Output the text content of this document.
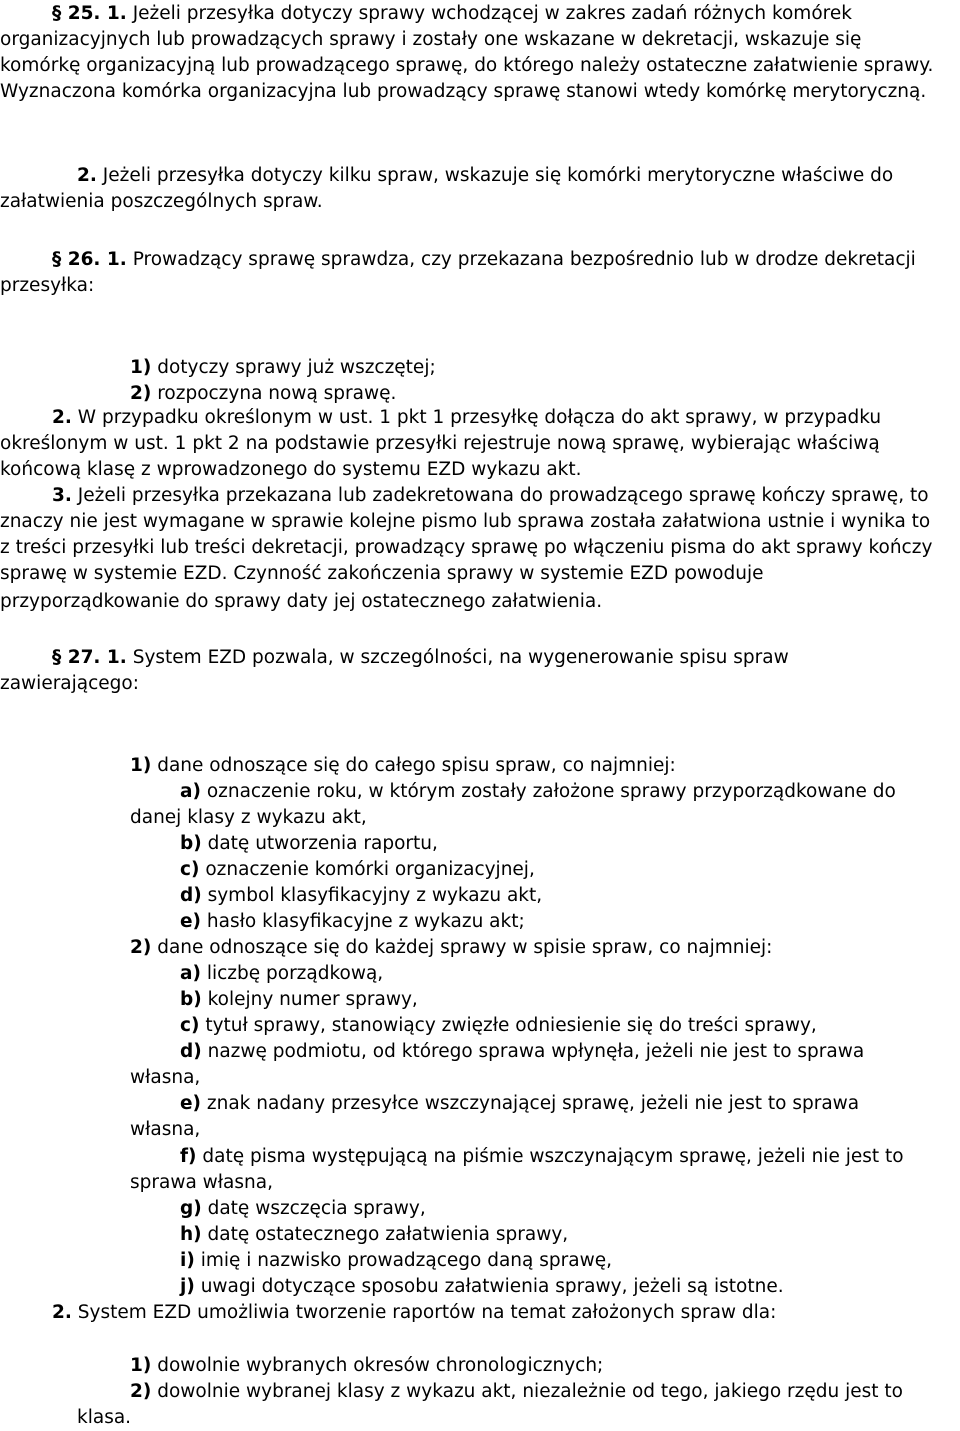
§ 25. 1. Jeżeli przesyłka dotyczy sprawy wchodzącej w zakres zadań różnych komórek
organizacyjnych lub prowadzących sprawy i zostały one wskazane w dekretacji, wskazuje się
komórkę organizacyjną lub prowadzącego sprawę, do którego należy ostateczne załatwienie sprawy.
Wyznaczona komórka organizacyjna lub prowadzący sprawę stanowi wtedy komórkę merytoryczną.
2. Jeżeli przesyłka dotyczy kilku spraw, wskazuje się komórki merytoryczne właściwe do
załatwienia poszczególnych spraw.
§ 26. 1. Prowadzący sprawę sprawdza, czy przekazana bezpośrednio lub w drodze dekretacji
przesyłka:
1) dotyczy sprawy już wszczętej;
2) rozpoczyna nową sprawę.
2. W przypadku określonym w ust. 1 pkt 1 przesyłkę dołącza do akt sprawy, w przypadku
określonym w ust. 1 pkt 2 na podstawie przesyłki rejestruje nową sprawę, wybierając właściwą
końcową klasę z wprowadzonego do systemu EZD wykazu akt.
3. Jeżeli przesyłka przekazana lub zadekretowana do prowadzącego sprawę kończy sprawę, to
znaczy nie jest wymagane w sprawie kolejne pismo lub sprawa została załatwiona ustnie i wynika to
z treści przesyłki lub treści dekretacji, prowadzący sprawę po włączeniu pisma do akt sprawy kończy
sprawę w systemie EZD. Czynność zakończenia sprawy w systemie EZD powoduje
przyporządkowanie do sprawy daty jej ostatecznego załatwienia.
§ 27. 1. System EZD pozwala, w szczególności, na wygenerowanie spisu spraw
zawierającego:
1) dane odnoszące się do całego spisu spraw, co najmniej:
a) oznaczenie roku, w którym zostały założone sprawy przyporządkowane do
danej klasy z wykazu akt,
b) datę utworzenia raportu,
c) oznaczenie komórki organizacyjnej,
d) symbol klasyfikacyjny z wykazu akt,
e) hasło klasyfikacyjne z wykazu akt;
2) dane odnoszące się do każdej sprawy w spisie spraw, co najmniej:
a) liczbę porządkową,
b) kolejny numer sprawy,
c) tytuł sprawy, stanowiący zwięzłe odniesienie się do treści sprawy,
d) nazwę podmiotu, od którego sprawa wpłynęła, jeżeli nie jest to sprawa
własna,
e) znak nadany przesyłce wszczynającej sprawę, jeżeli nie jest to sprawa
własna,
f) datę pisma występującą na piśmie wszczynającym sprawę, jeżeli nie jest to
sprawa własna,
g) datę wszczęcia sprawy,
h) datę ostatecznego załatwienia sprawy,
i) imię i nazwisko prowadzącego daną sprawę,
j) uwagi dotyczące sposobu załatwienia sprawy, jeżeli są istotne.
2. System EZD umożliwia tworzenie raportów na temat założonych spraw dla:
1) dowolnie wybranych okresów chronologicznych;
2) dowolnie wybranej klasy z wykazu akt, niezależnie od tego, jakiego rzędu jest to
klasa.
